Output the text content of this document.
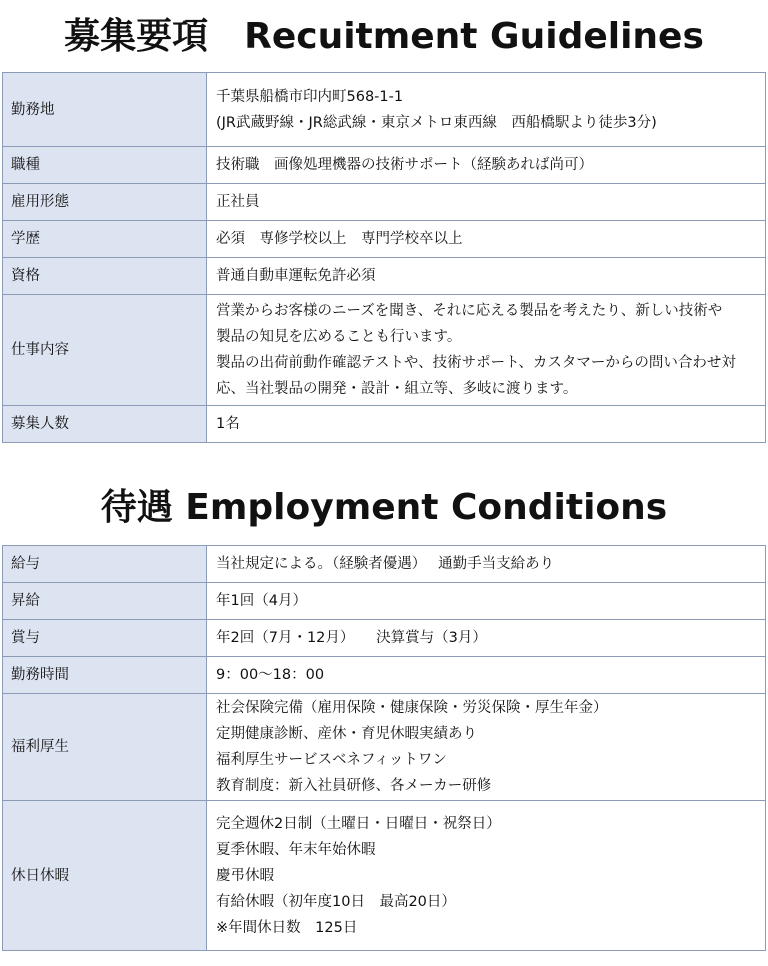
募集要項　Recuitment Guidelines
勤務地	千葉県船橋市印内町568-1-1
(JR武蔵野線・JR総武線・東京メトロ東西線　西船橋駅より徒歩3分)

職種	技術職　画像処理機器の技術サポート（経験あれば尚可）

雇用形態	正社員

学歴	必須　専修学校以上　専門学校卒以上

資格	普通自動車運転免許必須

仕事内容	営業からお客様のニーズを聞き、それに応える製品を考えたり、新しい技術や
製品の知見を広めることも行います。
製品の出荷前動作確認テストや、技術サポート、カスタマーからの問い合わせ対
応、当社製品の開発・設計・組立等、多岐に渡ります。

募集人数	1名
待遇 Employment Conditions
給与	当社規定による。（経験者優遇）　 通勤手当支給あり

昇給	年1回（4月）

賞与	年2回（7月・12月）　　決算賞与（3月）

勤務時間	9：00～18：00

福利厚生	社会保険完備（雇用保険・健康保険・労災保険・厚生年金）
定期健康診断、産休・育児休暇実績あり
福利厚生サービスベネフィットワン
教育制度：新入社員研修、各メーカー研修

休日休暇	完全週休2日制（土曜日・日曜日・祝祭日）
夏季休暇、年末年始休暇
慶弔休暇
有給休暇（初年度10日　最高20日）
※年間休日数　125日
